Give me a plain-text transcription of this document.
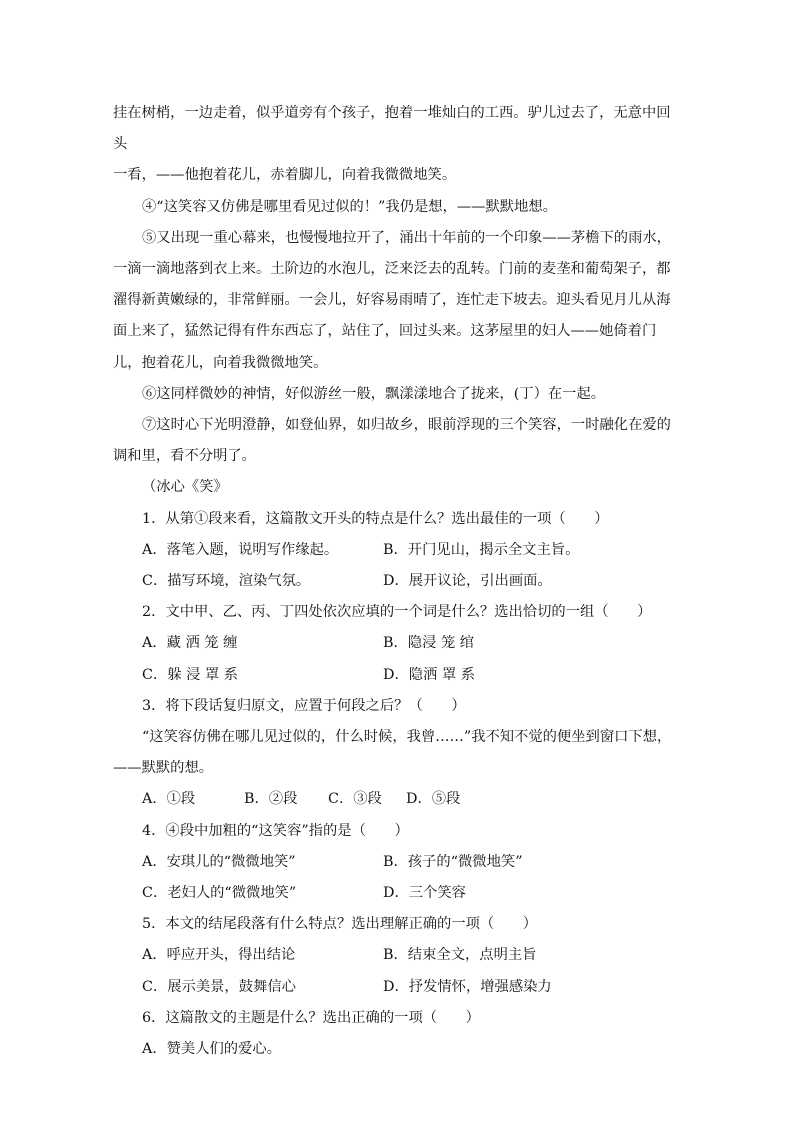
挂在树梢，一边走着，似乎道旁有个孩子，抱着一堆灿白的工西。驴儿过去了，无意中回头

一看，——他抱着花儿，赤着脚儿，向着我微微地笑。

④“这笑容又仿佛是哪里看见过似的！”我仍是想，——默默地想。

⑤又出现一重心幕来，也慢慢地拉开了，涌出十年前的一个印象——茅檐下的雨水，一滴一滴地落到衣上来。土阶边的水泡儿，泛来泛去的乱转。门前的麦垄和葡萄架子，都濯得新黄嫩绿的，非常鲜丽。一会儿，好容易雨晴了，连忙走下坡去。迎头看见月儿从海面上来了，猛然记得有件东西忘了，站住了，回过头来。这茅屋里的妇人——她倚着门儿，抱着花儿，向着我微微地笑。

⑥这同样微妙的神情，好似游丝一般，飘漾漾地合了拢来，(丁）在一起。

⑦这时心下光明澄静，如登仙界，如归故乡，眼前浮现的三个笑容，一时融化在爱的调和里，看不分明了。

（冰心《笑》

1．从第①段来看，这篇散文开头的特点是什么？选出最佳的一项（　　）

A．落笔入题，说明写作缘起。	B．开门见山，揭示全文主旨。
C．描写环境，渲染气氛。	D．展开议论，引出画面。

2．文中甲、乙、丙、丁四处依次应填的一个词是什么？选出恰切的一组（　　）

A．藏 洒 笼 缠	B．隐浸 笼 绾
C．躲 浸 罩 系	D．隐洒 罩 系

3．将下段话复归原文，应置于何段之后？（　　）

“这笑容仿佛在哪儿见过似的，什么时候，我曾……”我不知不觉的便坐到窗口下想，——默默的想。

A．①段	B．②段 C．③段 D．⑤段

4．④段中加粗的“这笑容”指的是（　　）

A．安琪儿的“微微地笑”	B．孩子的“微微地笑”
C．老妇人的“微微地笑”	D．三个笑容

5．本文的结尾段落有什么特点？选出理解正确的一项（　　）

A．呼应开头，得出结论	B．结束全文，点明主旨
C．展示美景，鼓舞信心	D．抒发情怀，增强感染力

6．这篇散文的主题是什么？选出正确的一项（　　）

A．赞美人们的爱心。
